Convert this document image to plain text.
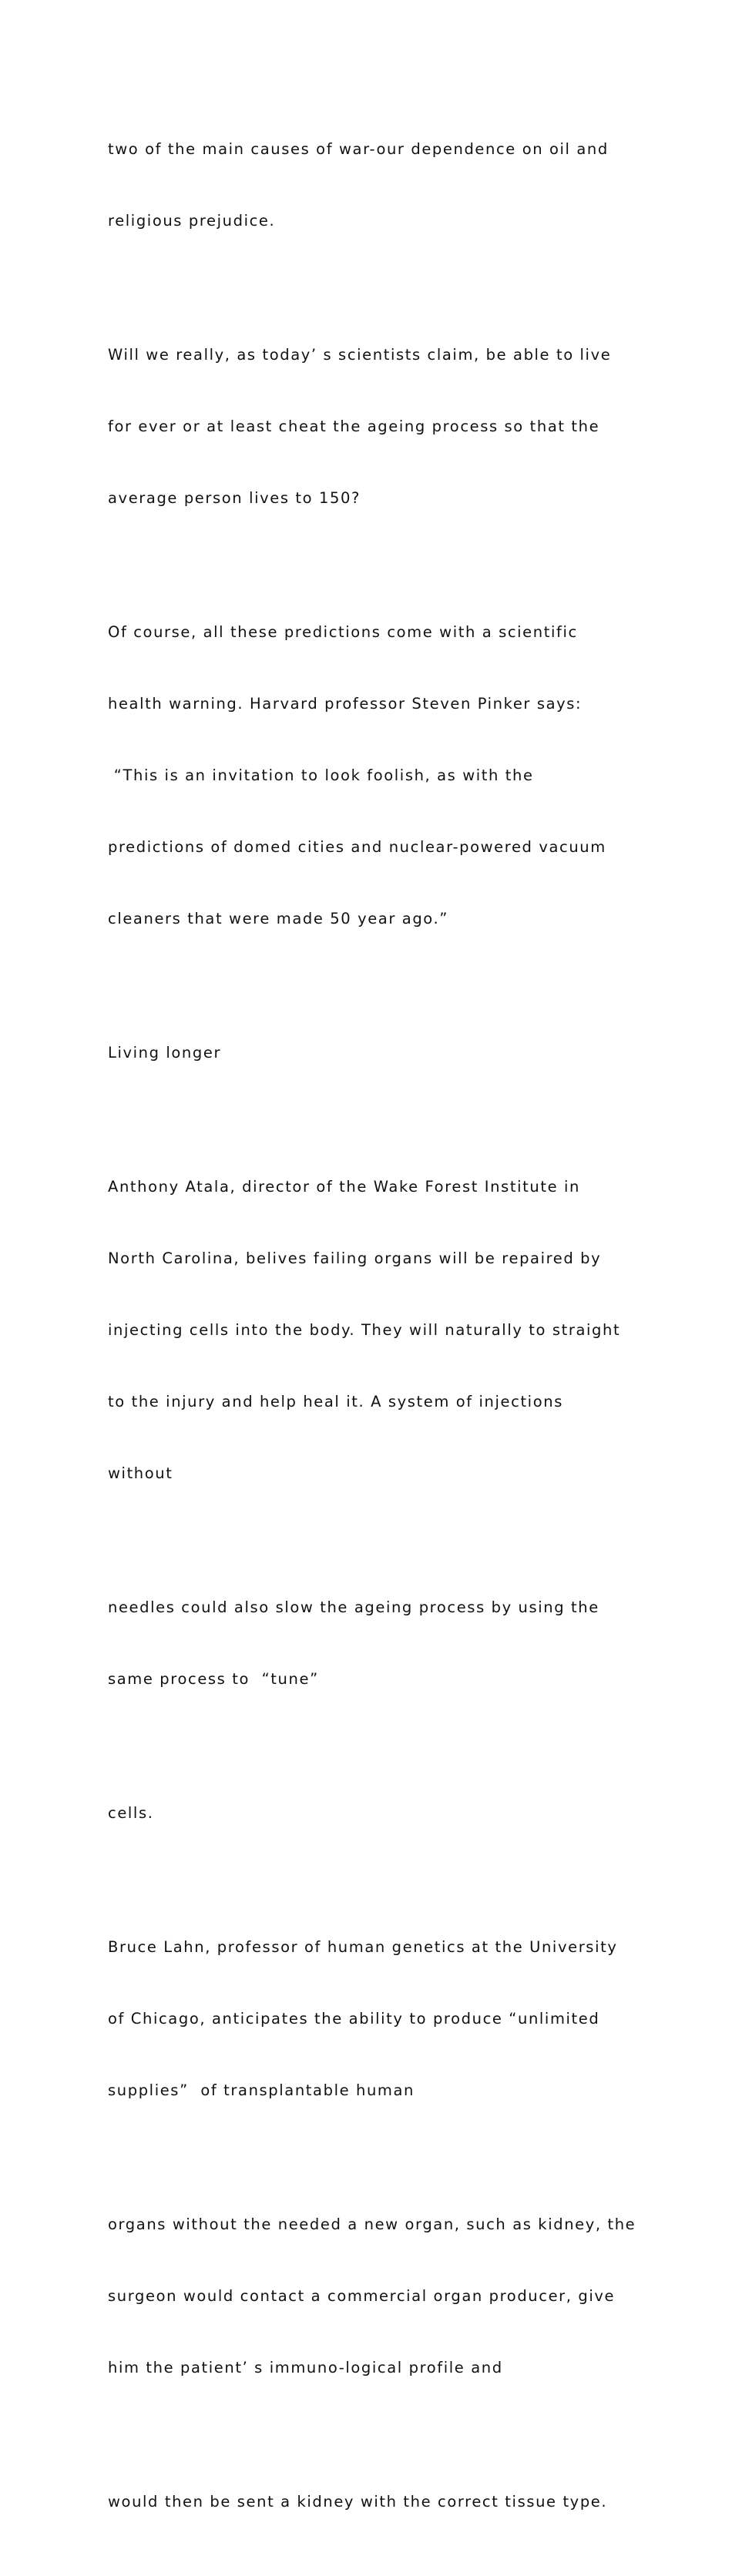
two of the main causes of war-our dependence on oil and

religious prejudice.

Will we really, as today’ s scientists claim, be able to live

for ever or at least cheat the ageing process so that the

average person lives to 150?

Of course, all these predictions come with a scientific

health warning. Harvard professor Steven Pinker says:

“This is an invitation to look foolish, as with the

predictions of domed cities and nuclear-powered vacuum

cleaners that were made 50 year ago.”

Living longer

Anthony Atala, director of the Wake Forest Institute in

North Carolina, belives failing organs will be repaired by

injecting cells into the body. They will naturally to straight

to the injury and help heal it. A system of injections

without

needles could also slow the ageing process by using the

same process to  “tune”

cells.

Bruce Lahn, professor of human genetics at the University

of Chicago, anticipates the ability to produce “unlimited

supplies”  of transplantable human

organs without the needed a new organ, such as kidney, the

surgeon would contact a commercial organ producer, give

him the patient’ s immuno-logical profile and

would then be sent a kidney with the correct tissue type.
